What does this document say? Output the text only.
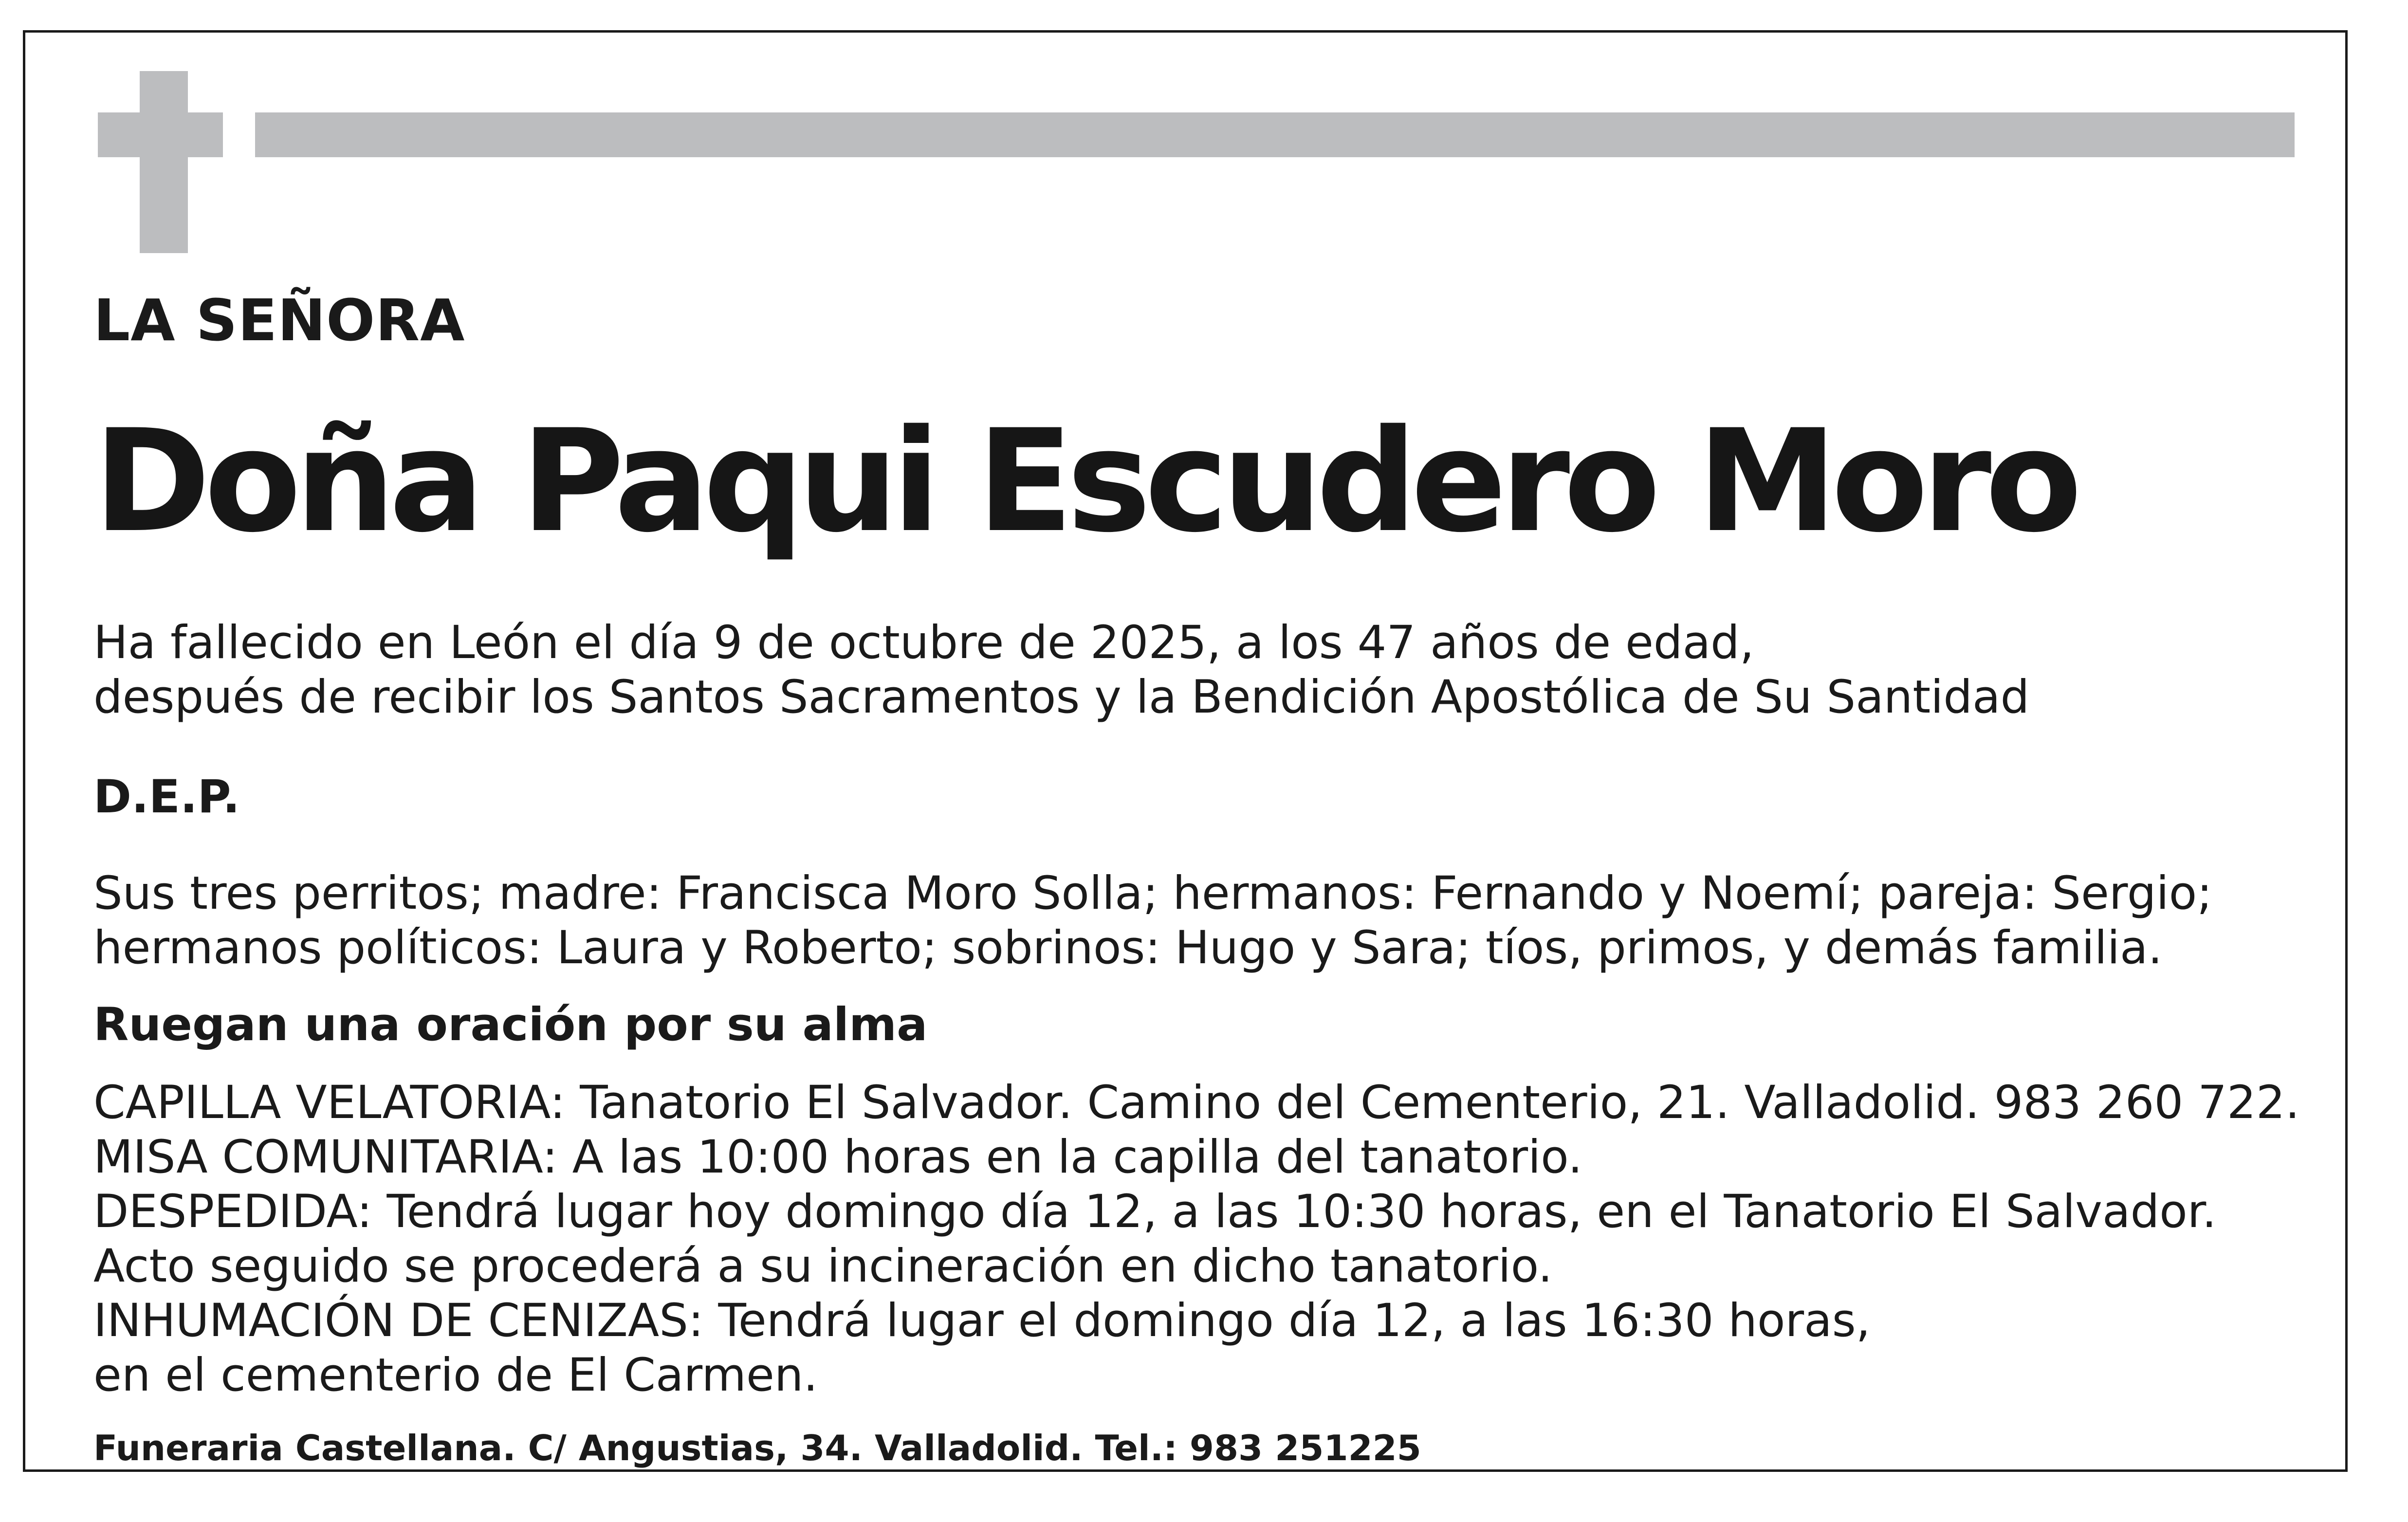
LA SEÑORA
Doña Paqui Escudero Moro
Ha fallecido en León el día 9 de octubre de 2025, a los 47 años de edad,
después de recibir los Santos Sacramentos y la Bendición Apostólica de Su Santidad
D.E.P.
Sus tres perritos; madre: Francisca Moro Solla; hermanos: Fernando y Noemí; pareja: Sergio;
hermanos políticos: Laura y Roberto; sobrinos: Hugo y Sara; tíos, primos, y demás familia.
Ruegan una oración por su alma
CAPILLA VELATORIA: Tanatorio El Salvador. Camino del Cementerio, 21. Valladolid. 983 260 722.
MISA COMUNITARIA: A las 10:00 horas en la capilla del tanatorio.
DESPEDIDA: Tendrá lugar hoy domingo día 12, a las 10:30 horas, en el Tanatorio El Salvador.
Acto seguido se procederá a su incineración en dicho tanatorio.
INHUMACIÓN DE CENIZAS: Tendrá lugar el domingo día 12, a las 16:30 horas,
en el cementerio de El Carmen.
Funeraria Castellana. C/ Angustias, 34. Valladolid. Tel.: 983 251225
